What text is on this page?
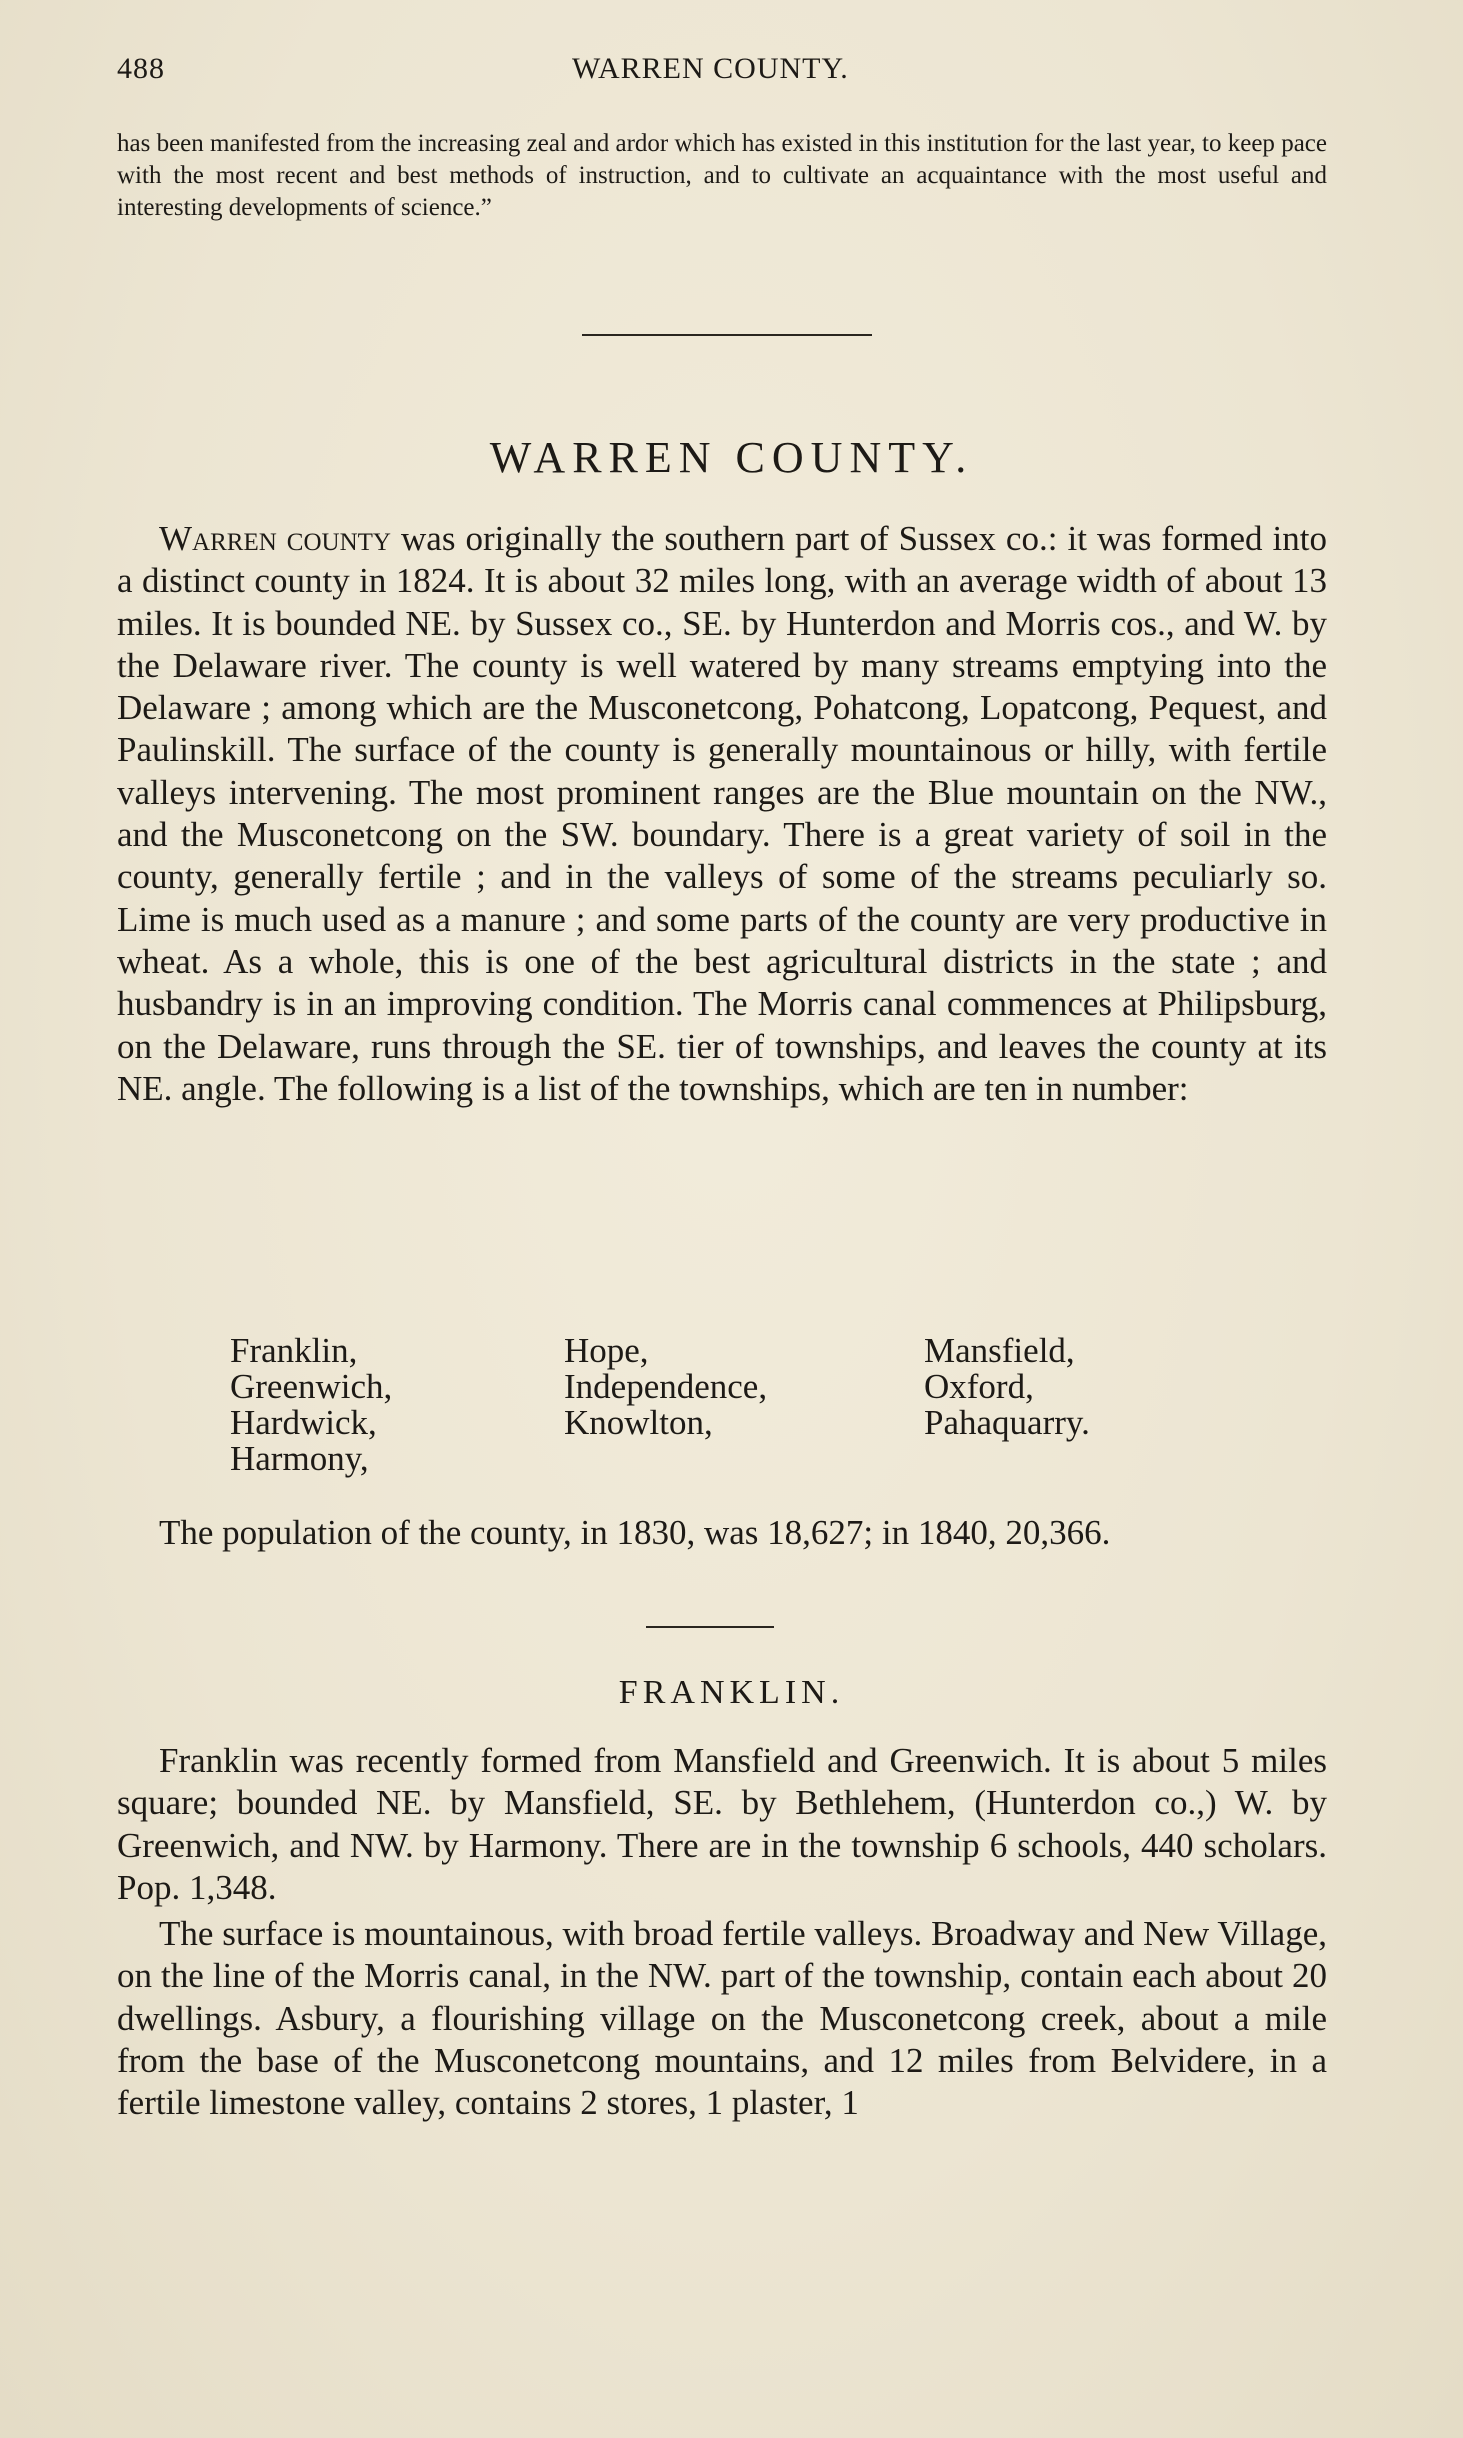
488	WARREN COUNTY.

has been manifested from the increasing zeal and ardor which has existed in this institution for the last year, to keep pace with the most recent and best methods of instruction, and to cultivate an acquaintance with the most useful and interesting developments of science.”

WARREN COUNTY.

Warren county was originally the southern part of Sussex co.: it was formed into a distinct county in 1824. It is about 32 miles long, with an average width of about 13 miles. It is bounded NE. by Sussex co., SE. by Hunterdon and Morris cos., and W. by the Delaware river. The county is well watered by many streams emptying into the Delaware ; among which are the Musconetcong, Pohatcong, Lopatcong, Pequest, and Paulinskill. The surface of the county is generally mountainous or hilly, with fertile valleys intervening. The most prominent ranges are the Blue mountain on the NW., and the Musconetcong on the SW. boundary. There is a great variety of soil in the county, generally fertile ; and in the valleys of some of the streams peculiarly so. Lime is much used as a manure ; and some parts of the county are very productive in wheat. As a whole, this is one of the best agricultural districts in the state ; and husbandry is in an improving condition. The Morris canal commences at Philipsburg, on the Delaware, runs through the SE. tier of townships, and leaves the county at its NE. angle. The following is a list of the townships, which are ten in number:

Franklin,
Greenwich,
Hardwick,
Harmony,
Hope,
Independence,
Knowlton,
Mansfield,
Oxford,
Pahaquarry.

The population of the county, in 1830, was 18,627; in 1840, 20,366.

FRANKLIN.

Franklin was recently formed from Mansfield and Greenwich. It is about 5 miles square; bounded NE. by Mansfield, SE. by Bethlehem, (Hunterdon co.,) W. by Greenwich, and NW. by Harmony. There are in the township 6 schools, 440 scholars. Pop. 1,348.

The surface is mountainous, with broad fertile valleys. Broadway and New Village, on the line of the Morris canal, in the NW. part of the township, contain each about 20 dwellings. Asbury, a flourishing village on the Musconetcong creek, about a mile from the base of the Musconetcong mountains, and 12 miles from Belvidere, in a fertile limestone valley, contains 2 stores, 1 plaster, 1
